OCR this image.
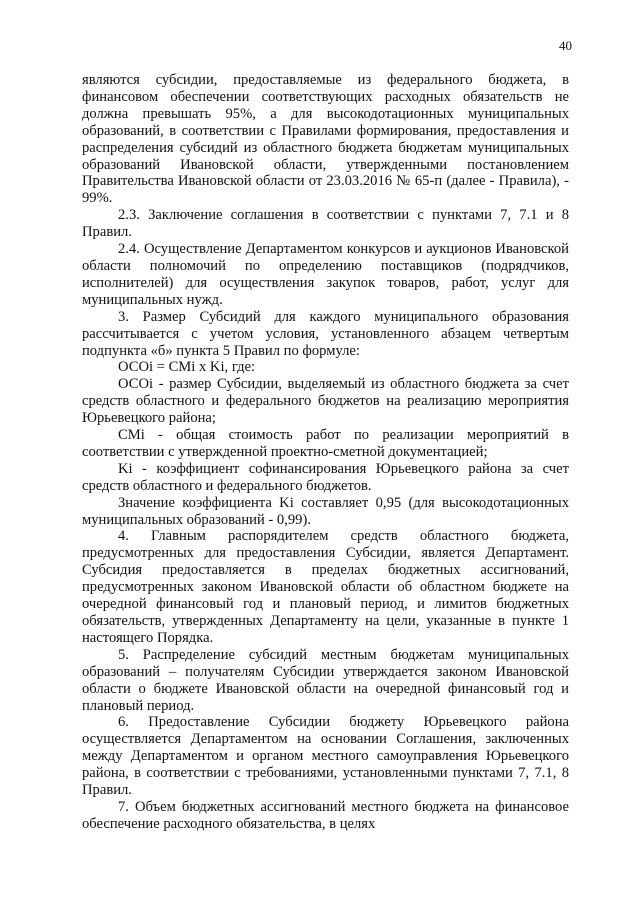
40

являются субсидии, предоставляемые из федерального бюджета, в финансовом обеспечении соответствующих расходных обязательств не должна превышать 95%, а для высокодотационных муниципальных образований, в соответствии с Правилами формирования, предоставления и распределения субсидий из областного бюджета бюджетам муниципальных образований Ивановской области, утвержденными постановлением Правительства Ивановской области от 23.03.2016 № 65-п (далее - Правила), - 99%.

2.3. Заключение соглашения в соответствии с пунктами 7, 7.1 и 8 Правил.

2.4. Осуществление Департаментом конкурсов и аукционов Ивановской области полномочий по определению поставщиков (подрядчиков, исполнителей) для осуществления закупок товаров, работ, услуг для муниципальных нужд.

3. Размер Субсидий для каждого муниципального образования рассчитывается с учетом условия, установленного абзацем четвертым подпункта «б» пункта 5 Правил по формуле:

ОСОi = CMi x Ki, где:

ОСОi - размер Субсидии, выделяемый из областного бюджета за счет средств областного и федерального бюджетов на реализацию мероприятия Юрьевецкого района;

CMi - общая стоимость работ по реализации мероприятий в соответствии с утвержденной проектно-сметной документацией;

Ki - коэффициент софинансирования Юрьевецкого района за счет средств областного и федерального бюджетов.

Значение коэффициента Ki составляет 0,95 (для высокодотационных муниципальных образований - 0,99).

4. Главным распорядителем средств областного бюджета, предусмотренных для предоставления Субсидии, является Департамент. Субсидия предоставляется в пределах бюджетных ассигнований, предусмотренных законом Ивановской области об областном бюджете на очередной финансовый год и плановый период, и лимитов бюджетных обязательств, утвержденных Департаменту на цели, указанные в пункте 1 настоящего Порядка.

5. Распределение субсидий местным бюджетам муниципальных образований – получателям Субсидии утверждается законом Ивановской области о бюджете Ивановской области на очередной финансовый год и плановый период.

6. Предоставление Субсидии бюджету Юрьевецкого района осуществляется Департаментом на основании Соглашения, заключенных между Департаментом и органом местного самоуправления Юрьевецкого района, в соответствии с требованиями, установленными пунктами 7, 7.1, 8 Правил.

7. Объем бюджетных ассигнований местного бюджета на финансовое обеспечение расходного обязательства, в целях
